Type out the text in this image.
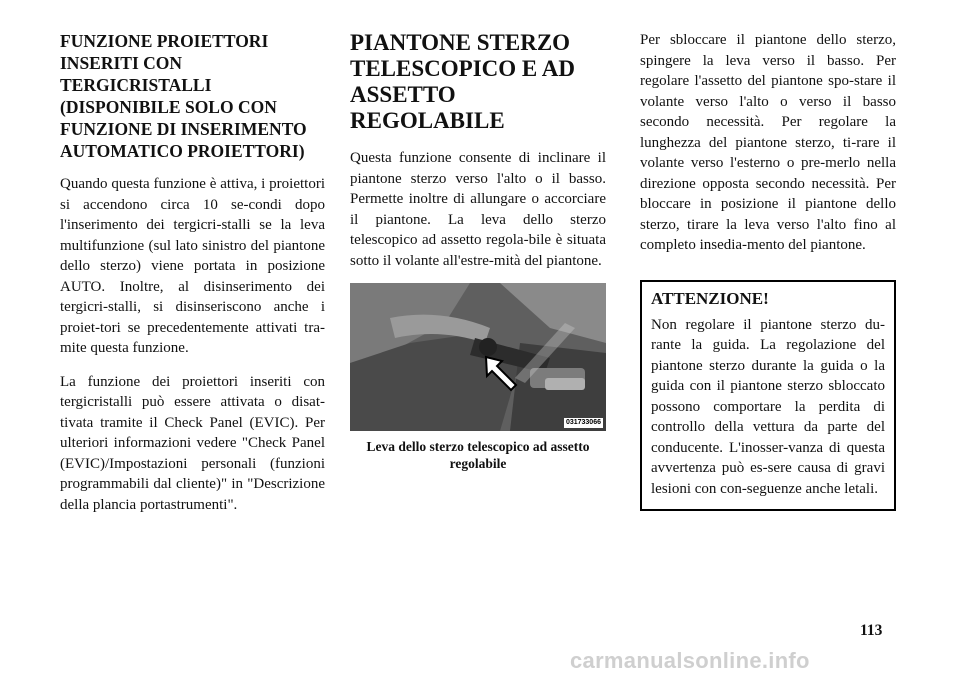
FUNZIONE PROIETTORI INSERITI CON TERGICRISTALLI (DISPONIBILE SOLO CON FUNZIONE DI INSERIMENTO AUTOMATICO PROIETTORI)

Quando questa funzione è attiva, i proiettori si accendono circa 10 se-condi dopo l'inserimento dei tergicri-stalli se la leva multifunzione (sul lato sinistro del piantone dello sterzo) viene portata in posizione AUTO. Inoltre, al disinserimento dei tergicri-stalli, si disinseriscono anche i proiet-tori se precedentemente attivati tra-mite questa funzione.

La funzione dei proiettori inseriti con tergicristalli può essere attivata o disat-tivata tramite il Check Panel (EVIC). Per ulteriori informazioni vedere "Check Panel (EVIC)/Impostazioni personali (funzioni programmabili dal cliente)" in "Descrizione della plancia portastrumenti".

PIANTONE STERZO TELESCOPICO E AD ASSETTO REGOLABILE

Questa funzione consente di inclinare il piantone sterzo verso l'alto o il basso. Permette inoltre di allungare o accorciare il piantone. La leva dello sterzo telescopico ad assetto regola-bile è situata sotto il volante all'estre-mità del piantone.

031733066
Leva dello sterzo telescopico ad assetto regolabile

Per sbloccare il piantone dello sterzo, spingere la leva verso il basso. Per regolare l'assetto del piantone spo-stare il volante verso l'alto o verso il basso secondo necessità. Per regolare la lunghezza del piantone sterzo, ti-rare il volante verso l'esterno o pre-merlo nella direzione opposta secondo necessità. Per bloccare in posizione il piantone dello sterzo, tirare la leva verso l'alto fino al completo insedia-mento del piantone.

ATTENZIONE!

Non regolare il piantone sterzo du-rante la guida. La regolazione del piantone sterzo durante la guida o la guida con il piantone sterzo sbloccato possono comportare la perdita di controllo della vettura da parte del conducente. L'inosser-vanza di questa avvertenza può es-sere causa di gravi lesioni con con-seguenze anche letali.

113
carmanualsonline.info
